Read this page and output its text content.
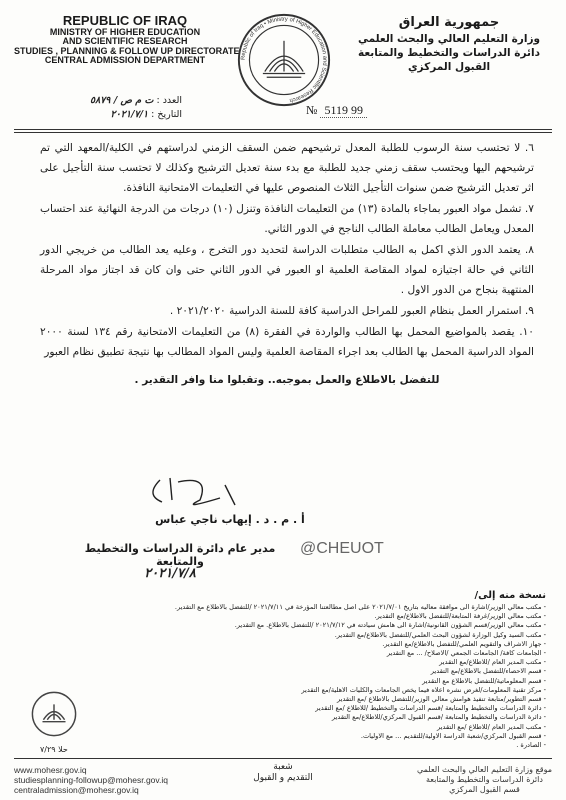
REPUBLIC OF IRAQ
MINISTRY OF HIGHER EDUCATION
AND SCIENTIFIC RESEARCH
STUDIES , PLANNING & FOLLOW UP DIRECTORATE
CENTRAL ADMISSION DEPARTMENT	Republic of Iraq • Ministry of Higher Education and Scientific Research
جمهورية العراق
وزارة التعليم العالي والبحث العلمي
دائرة الدراسات والتخطيط والمتابعة
القبول المركزي
№ 5119 99
العدد : ت م ص / ٥٨٧٩
التاريخ : ٢٠٢١/٧/١

٦. لا تحتسب سنة الرسوب للطلبة المعدل ترشيحهم ضمن السقف الزمني لدراستهم في الكلية/المعهد التي تم ترشيحهم اليها ويحتسب سقف زمني جديد للطلبة مع بدء سنة تعديل الترشيح وكذلك لا تحتسب سنة التأجيل على اثر تعديل الترشيح ضمن سنوات التأجيل الثلاث المنصوص عليها في التعليمات الامتحانية النافذة.

٧. تشمل مواد العبور بماجاء بالمادة (١٣) من التعليمات النافذة وتنزل (١٠) درجات من الدرجة النهائية عند احتساب المعدل ويعامل الطالب معاملة الطالب الناجح في الدور الثاني.

٨. يعتمد الدور الذي اكمل به الطالب متطلبات الدراسة لتحديد دور التخرج ، وعليه يعد الطالب من خريجي الدور الثاني في حالة اجتيازه لمواد المقاصة العلمية او العبور في الدور الثاني حتى وان كان قد اجتاز مواد المرحلة المنتهية بنجاح من الدور الاول .

٩. استمرار العمل بنظام العبور للمراحل الدراسية كافة للسنة الدراسية ٢٠٢١/٢٠٢٠ .

١٠. يقصد بالمواضيع المحمل بها الطالب والواردة في الفقرة (٨) من التعليمات الامتحانية رقم ١٣٤ لسنة ٢٠٠٠ المواد الدراسية المحمل بها الطالب بعد اجراء المقاصة العلمية وليس المواد المطالب بها نتيجة تطبيق نظام العبور

للتفضل بالاطلاع والعمل بموجبه.. وتقبلوا منا وافر التقدير .

أ . م . د . إيهاب ناجي عباس
مدير عام دائرة الدراسات والتخطيط والمتابعة
٢٠٢١/٧/٨
@CHEUOT
نسخة منه إلى/
- مكتب معالي الوزير/اشارة الى موافقة معاليه بتاريخ ٢٠٢١/٧/٠١ على اصل مطالعتنا المؤرخة في ٢٠٢١/٧/١١ /للتفضل بالاطلاع مع التقدير.
- مكتب معالي الوزير/غرفة المتابعة/للتفضل بالاطلاع/مع التقدير.
- مكتب معالي الوزير/قسم الشؤون القانونية/اشارة الى هامش سيادته في ٢٠٢١/٧/١٢ /للتفضل بالاطلاع. مع التقدير.
- مكتب السيد وكيل الوزارة لشؤون البحث العلمي/للتفضل بالاطلاع/مع التقدير.
- جهاز الاشراف والتقويم العلمي/للتفضل بالاطلاع/مع التقدير.
- الجامعات كافة/ الجامعات الجمعي /الاصلاح/ ... مع التقدير
- مكتب المدير العام /للاطلاع/مع التقدير
- قسم الاحصاء/للتفضل بالاطلاع/مع التقدير
- قسم المعلوماتية/للتفضل بالاطلاع مع التقدير
- مركز تقنية المعلومات/لغرض نشره اعلاه فيما يخص الجامعات والكليات الاهلية/مع التقدير
- قسم التطوير/متابعة تنفيذ هوامش معالي الوزير/للتفضل بالاطلاع /مع التقدير
- دائرة الدراسات والتخطيط والمتابعة /قسم الدراسات والتخطيط /للاطلاع /مع التقدير
- دائرة الدراسات والتخطيط والمتابعة /قسم القبول المركزي/للاطلاع/مع التقدير
- مكتب المدير العام /للاطلاع /مع التقدير
- قسم القبول المركزي/شعبة الدراسة الاولية/للتقديم ... مع الاوليات.
- الصادرة .
حلا ٧/٢٩
www.mohesr.gov.iq
studiesplanning-followup@mohesr.gov.iq
centraladmission@mohesr.gov.iq
شعبة
التقديم و القبول
موقع وزارة التعليم العالي والبحث العلمي
دائرة الدراسات والتخطيط والمتابعة
قسم القبول المركزي
